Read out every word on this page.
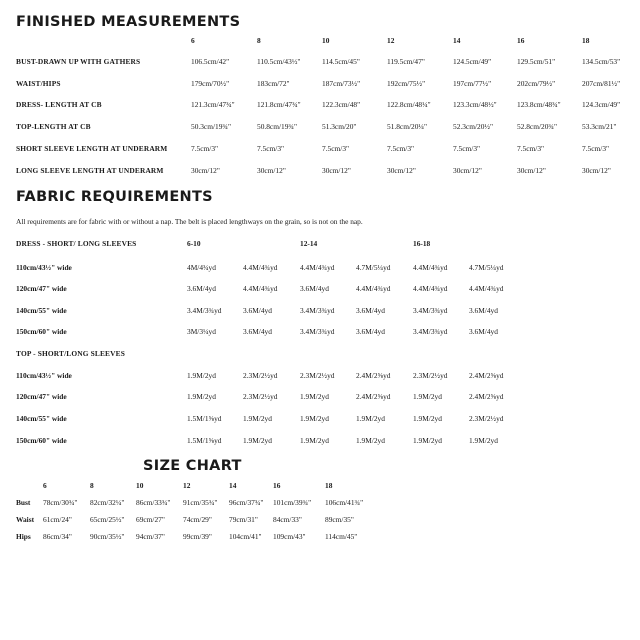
FINISHED MEASUREMENTS
6	8	10	12	14	16	18
BUST-DRAWN UP WITH GATHERS	106.5cm/42"	110.5cm/43½"	114.5cm/45"	119.5cm/47"	124.5cm/49"	129.5cm/51"	134.5cm/53"
WAIST/HIPS	179cm/70½"	183cm/72"	187cm/73½"	192cm/75½"	197cm/77½"	202cm/79½"	207cm/81½"
DRESS- LENGTH AT CB	121.3cm/47¾"	121.8cm/47¾"	122.3cm/48"	122.8cm/48¼"	123.3cm/48½"	123.8cm/48¾"	124.3cm/49"
TOP-LENGTH AT CB	50.3cm/19¾"	50.8cm/19¾"	51.3cm/20"	51.8cm/20¼"	52.3cm/20½"	52.8cm/20¾"	53.3cm/21"
SHORT SLEEVE LENGTH AT UNDERARM	7.5cm/3"	7.5cm/3"	7.5cm/3"	7.5cm/3"	7.5cm/3"	7.5cm/3"	7.5cm/3"
LONG SLEEVE LENGTH AT UNDERARM	30cm/12"	30cm/12"	30cm/12"	30cm/12"	30cm/12"	30cm/12"	30cm/12"
FABRIC REQUIREMENTS
All requirements are for fabric with or without a nap. The belt is placed lengthways on the grain, so is not on the nap.
6-10	12-14	16-18
DRESS - SHORT/ LONG SLEEVES
110cm/43½" wide	4M/4¾yd	4.4M/4¾yd	4.4M/4¾yd	4.7M/5¼yd	4.4M/4¾yd	4.7M/5¼yd
120cm/47" wide	3.6M/4yd	4.4M/4¾yd	3.6M/4yd	4.4M/4¾yd	4.4M/4¾yd	4.4M/4¾yd
140cm/55" wide	3.4M/3¾yd	3.6M/4yd	3.4M/3¾yd	3.6M/4yd	3.4M/3¾yd	3.6M/4yd
150cm/60" wide	3M/3¼yd	3.6M/4yd	3.4M/3¾yd	3.6M/4yd	3.4M/3¾yd	3.6M/4yd
TOP - SHORT/LONG SLEEVES
110cm/43½" wide	1.9M/2yd	2.3M/2½yd	2.3M/2½yd	2.4M/2⅝yd	2.3M/2½yd	2.4M/2⅝yd
120cm/47" wide	1.9M/2yd	2.3M/2½yd	1.9M/2yd	2.4M/2⅝yd	1.9M/2yd	2.4M/2⅝yd
140cm/55" wide	1.5M/1⅝yd	1.9M/2yd	1.9M/2yd	1.9M/2yd	1.9M/2yd	2.3M/2½yd
150cm/60" wide	1.5M/1⅝yd	1.9M/2yd	1.9M/2yd	1.9M/2yd	1.9M/2yd	1.9M/2yd
SIZE CHART
6	8	10	12	14	16	18
Bust 78cm/30¾" 82cm/32¼" 86cm/33¾" 91cm/35¾" 96cm/37¾" 101cm/39¾" 106cm/41¾"
Waist 61cm/24" 65cm/25½" 69cm/27" 74cm/29" 79cm/31" 84cm/33"	89cm/35"
Hips 86cm/34" 90cm/35½" 94cm/37" 99cm/39" 104cm/41" 109cm/43"	114cm/45"
